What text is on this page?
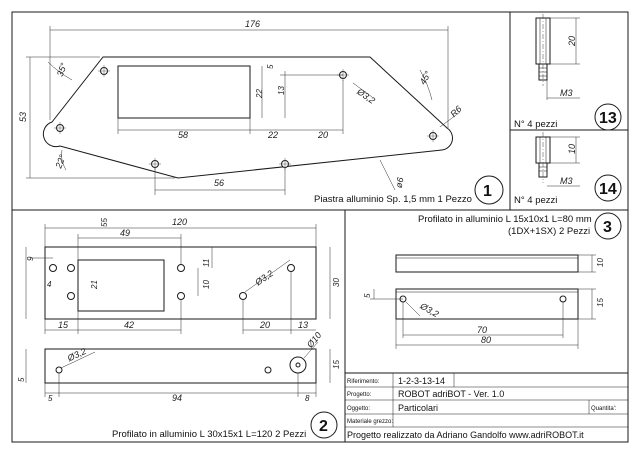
176
53
35°
22°
45°
R6
Ø3,2
ø6
58	22	20
56
22
5
13
Piastra alluminio Sp. 1,5 mm 1 Pezzo 1
20
M3
N° 4 pezzi	13
10
M3
N° 4 pezzi
14
120
49
55
9
4	21
11
10	30
15	42	20	13
Ø3,2
5
15
5	94	8
Ø3,2
Ø10
Profilato in alluminio L 30x15x1 L=120 2 Pezzi 2
Profilato in alluminio L 15x10x1 L=80 mm
(1DX+1SX) 2 Pezzi 3
10
15
5
Ø3,2
70
80
Riferimento: 1-2-3-13-14
Progetto:	ROBOT adriBOT - Ver. 1.0
Oggetto:	Particolari	Quantita':
Materiale grezzo:
Progetto realizzato da Adriano Gandolfo www.adriROBOT.it
